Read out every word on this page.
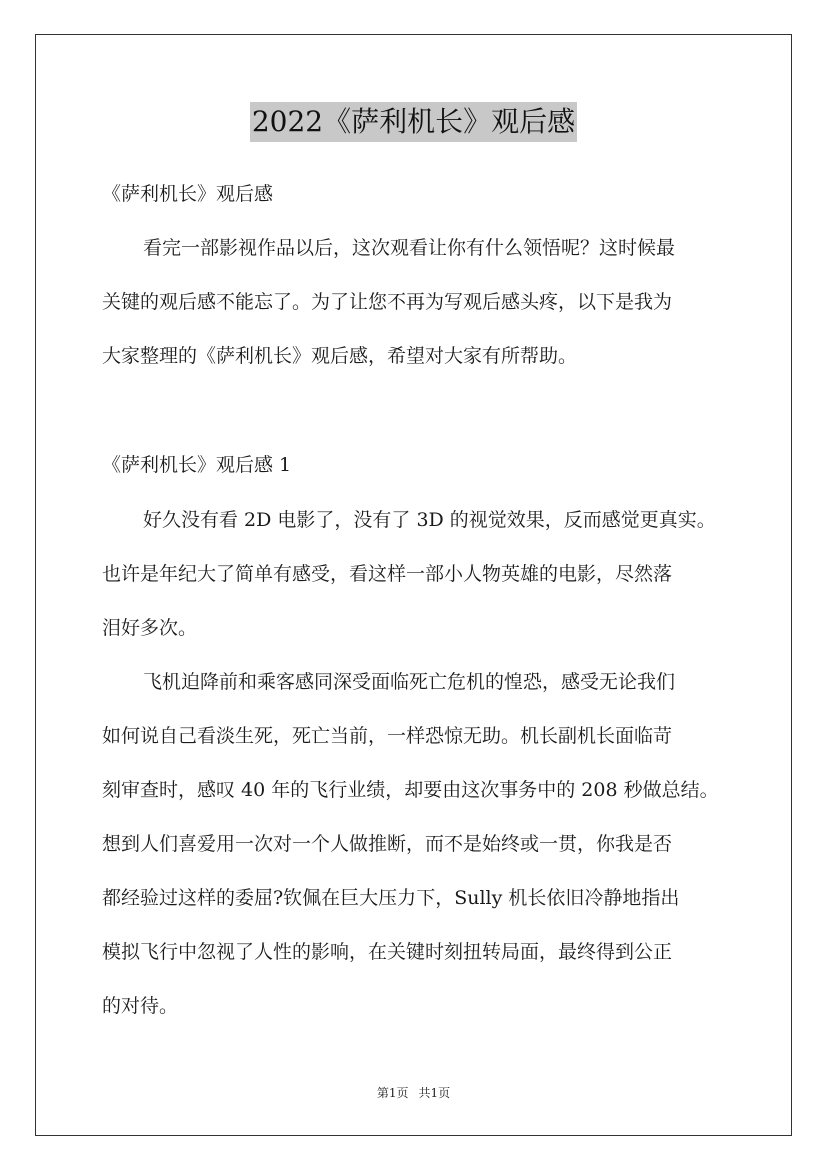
2022《萨利机长》观后感
《萨利机长》观后感
看完一部影视作品以后，这次观看让你有什么领悟呢？这时候最
关键的观后感不能忘了。为了让您不再为写观后感头疼，以下是我为
大家整理的《萨利机长》观后感，希望对大家有所帮助。
《萨利机长》观后感 1
好久没有看 2D 电影了，没有了 3D 的视觉效果，反而感觉更真实。
也许是年纪大了简单有感受，看这样一部小人物英雄的电影，尽然落
泪好多次。
飞机迫降前和乘客感同深受面临死亡危机的惶恐，感受无论我们
如何说自己看淡生死，死亡当前，一样恐惊无助。机长副机长面临苛
刻审查时，感叹 40 年的飞行业绩，却要由这次事务中的 208 秒做总结。
想到人们喜爱用一次对一个人做推断，而不是始终或一贯，你我是否
都经验过这样的委屈?钦佩在巨大压力下，Sully 机长依旧冷静地指出
模拟飞行中忽视了人性的影响，在关键时刻扭转局面，最终得到公正
的对待。
第1页 共1页
